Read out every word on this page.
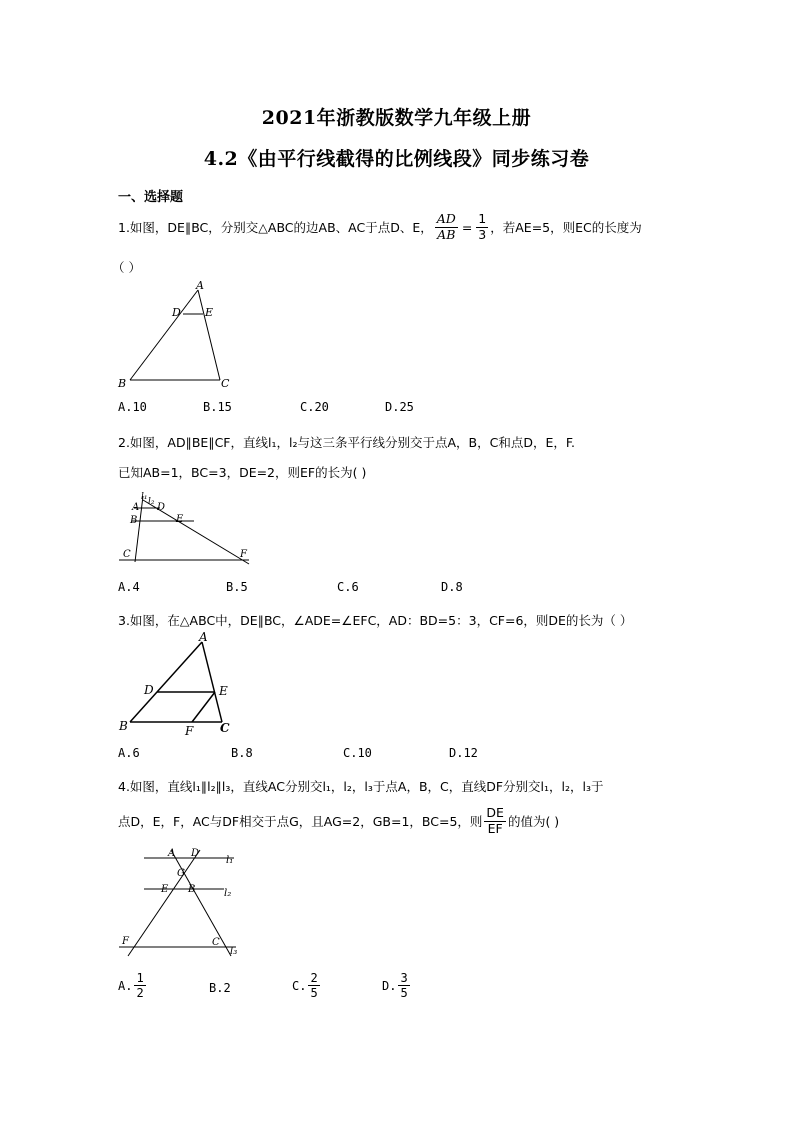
2021年浙教版数学九年级上册
4.2《由平行线截得的比例线段》同步练习卷
一、选择题
1.如图，DE∥BC，分别交△ABC的边AB、AC于点D、E， $\frac{AD}{AB} = \frac{1}{3}$ ，若AE=5，则EC的长度为
（ ）
A
D E
B	C
A.10	B.15	C.20	D.25
2.如图，AD∥BE∥CF，直线l₁，l₂与这三条平行线分别交于点A，B，C和点D，E，F.
已知AB=1，BC=3，DE=2，则EF的长为( )
l₁ l₂
A D
B	E
C	F
A.4	B.5	C.6	D.8
3.如图，在△ABC中，DE∥BC，∠ADE=∠EFC，AD：BD=5：3，CF=6，则DE的长为（ ）
A
D	E
B	F C
A.6	B.8	C.10	D.12
4.如图，直线l₁∥l₂∥l₃，直线AC分别交l₁，l₂，l₃于点A，B，C，直线DF分别交l₁，l₂，l₃于
点D，E，F，AC与DF相交于点G，且AG=2，GB=1，BC=5，则 $\frac{DE}{EF}$ 的值为( )
A D
l₁
G
E B	l₂
F	C
l₃
A. $\frac{1}{2}$	B.2	C. $\frac{2}{5}$	D. $\frac{3}{5}$
